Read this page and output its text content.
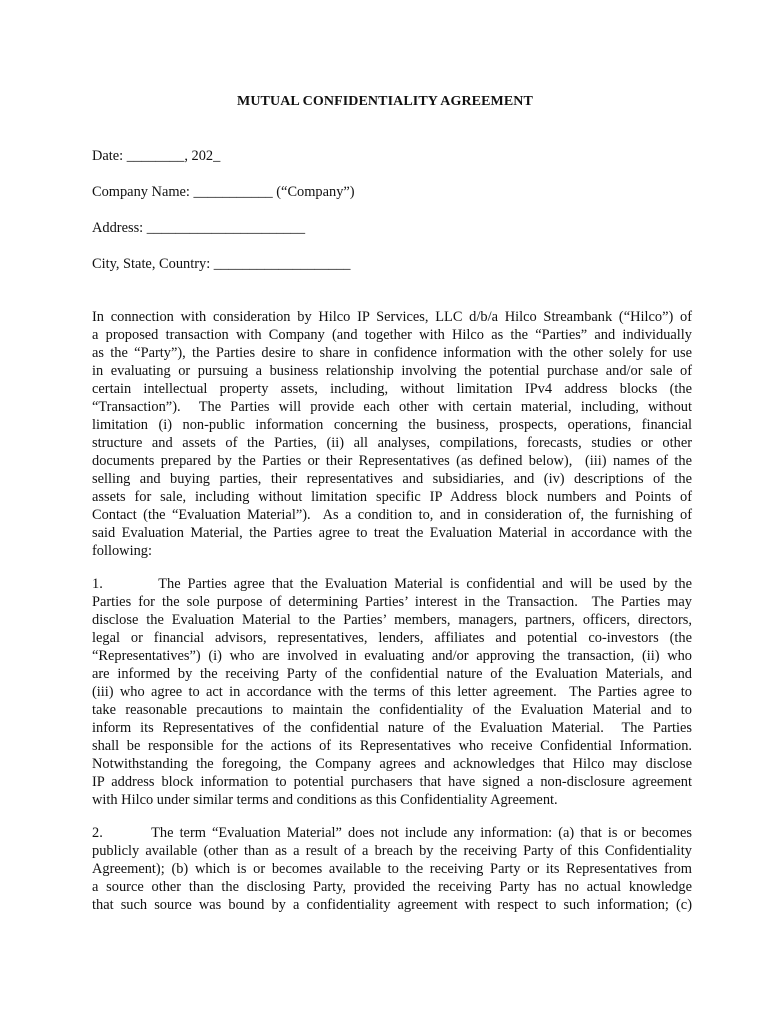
MUTUAL CONFIDENTIALITY AGREEMENT
Date: ________, 202_
Company Name: ___________ (“Company”)
Address: ______________________
City, State, Country: ___________________
In connection with consideration by Hilco IP Services, LLC d/b/a Hilco Streambank (“Hilco”) of
a proposed transaction with Company (and together with Hilco as the “Parties” and individually
as the “Party”), the Parties desire to share in confidence information with the other solely for use
in evaluating or pursuing a business relationship involving the potential purchase and/or sale of
certain intellectual property assets, including, without limitation IPv4 address blocks (the
“Transaction”).  The Parties will provide each other with certain material, including, without
limitation (i) non-public information concerning the business, prospects, operations, financial
structure and assets of the Parties, (ii) all analyses, compilations, forecasts, studies or other
documents prepared by the Parties or their Representatives (as defined below),  (iii) names of the
selling and buying parties, their representatives and subsidiaries, and (iv) descriptions of the
assets for sale, including without limitation specific IP Address block numbers and Points of
Contact (the “Evaluation Material”).  As a condition to, and in consideration of, the furnishing of
said Evaluation Material, the Parties agree to treat the Evaluation Material in accordance with the
following:
1.        The Parties agree that the Evaluation Material is confidential and will be used by the
Parties for the sole purpose of determining Parties’ interest in the Transaction.  The Parties may
disclose the Evaluation Material to the Parties’ members, managers, partners, officers, directors,
legal or financial advisors, representatives, lenders, affiliates and potential co-investors (the
“Representatives”) (i) who are involved in evaluating and/or approving the transaction, (ii) who
are informed by the receiving Party of the confidential nature of the Evaluation Materials, and
(iii) who agree to act in accordance with the terms of this letter agreement.  The Parties agree to
take reasonable precautions to maintain the confidentiality of the Evaluation Material and to
inform its Representatives of the confidential nature of the Evaluation Material.  The Parties
shall be responsible for the actions of its Representatives who receive Confidential Information.
Notwithstanding the foregoing, the Company agrees and acknowledges that Hilco may disclose
IP address block information to potential purchasers that have signed a non-disclosure agreement
with Hilco under similar terms and conditions as this Confidentiality Agreement.
2.        The term “Evaluation Material” does not include any information: (a) that is or becomes
publicly available (other than as a result of a breach by the receiving Party of this Confidentiality
Agreement); (b) which is or becomes available to the receiving Party or its Representatives from
a source other than the disclosing Party, provided the receiving Party has no actual knowledge
that such source was bound by a confidentiality agreement with respect to such information; (c)
